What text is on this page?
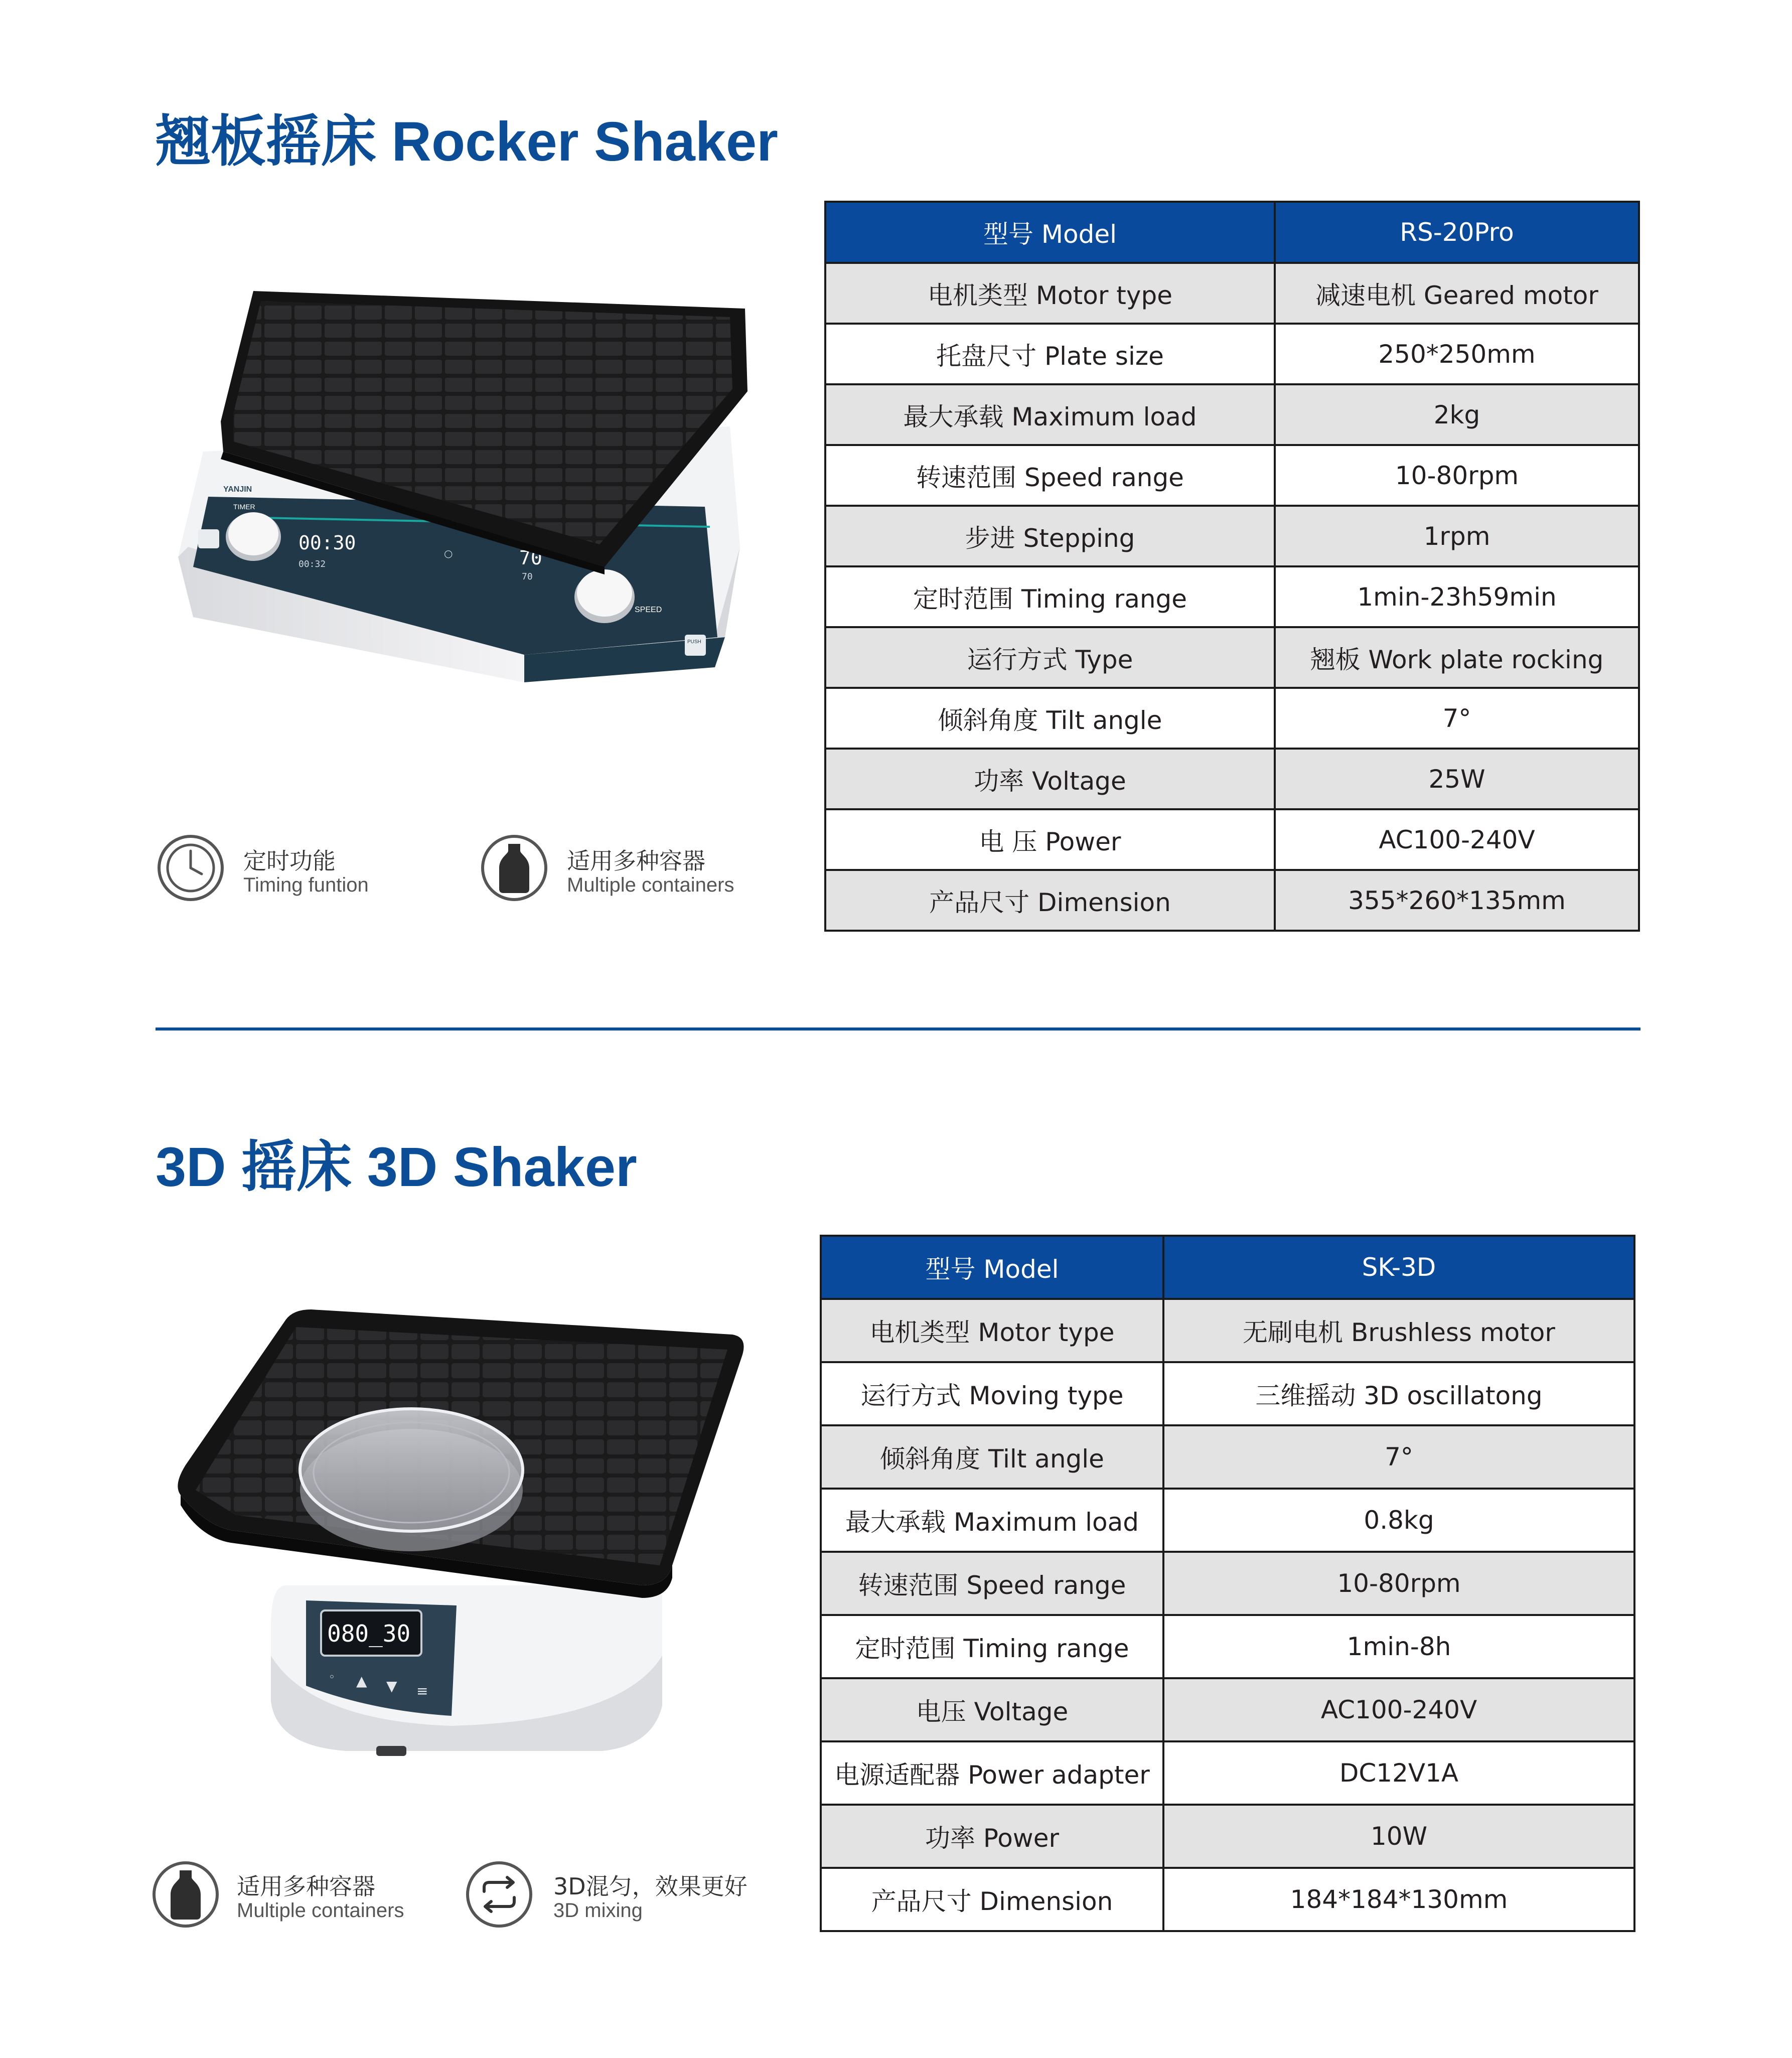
翘板摇床 Rocker Shaker
00:30
00:32
○	70
70
YANJIN
TIMER
SPEED
PUSH
定时功能
Timing funtion
适用多种容器
Multiple containers
型号 Model	RS-20Pro
电机类型 Motor type	减速电机 Geared motor
托盘尺寸 Plate size	250*250mm
最大承载 Maximum load	2kg
转速范围 Speed range	10-80rpm
步进 Stepping	1rpm
定时范围 Timing range	1min-23h59min
运行方式 Type	翘板 Work plate rocking
倾斜角度 Tilt angle	7°
功率 Voltage	25W
电 压 Power	AC100-240V
产品尺寸 Dimension	355*260*135mm
3D 摇床 3D Shaker
080_30
▲ ▼ ≡
◦
适用多种容器
Multiple containers
3D混匀，效果更好
3D mixing
型号 Model	SK-3D
电机类型 Motor type	无刷电机 Brushless motor
运行方式 Moving type	三维摇动 3D oscillatong
倾斜角度 Tilt angle	7°
最大承载 Maximum load	0.8kg
转速范围 Speed range	10-80rpm
定时范围 Timing range	1min-8h
电压 Voltage	AC100-240V
电源适配器 Power adapter	DC12V1A
功率 Power	10W
产品尺寸 Dimension	184*184*130mm
